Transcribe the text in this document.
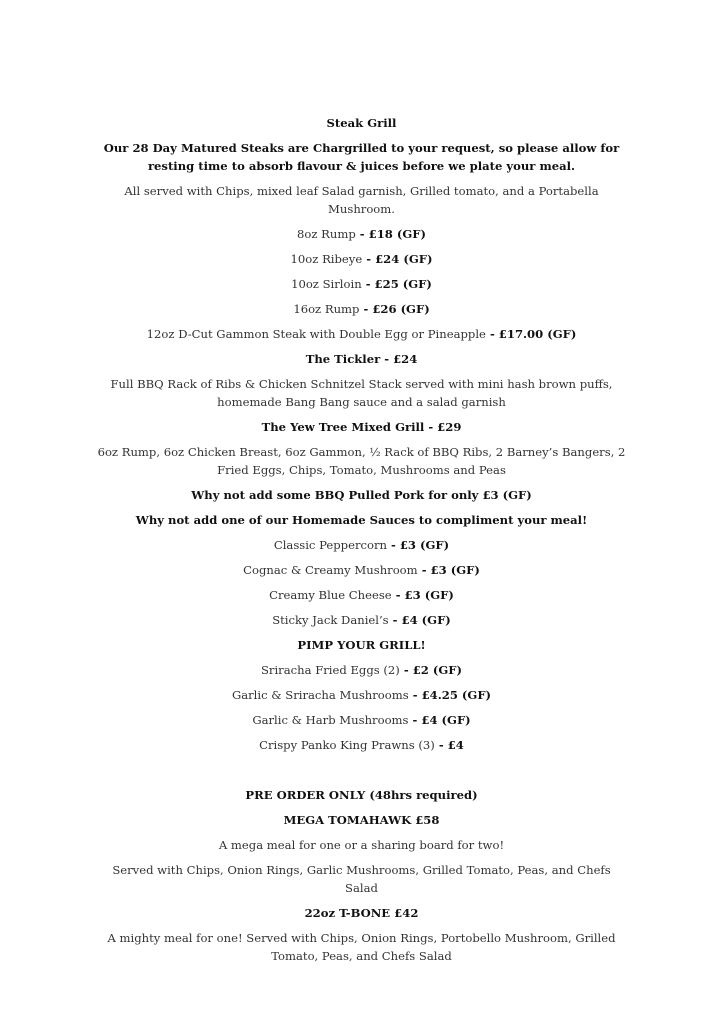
Steak Grill
Our 28 Day Matured Steaks are Chargrilled to your request, so please allow for resting time to absorb flavour & juices before we plate your meal.
All served with Chips, mixed leaf Salad garnish, Grilled tomato, and a Portabella Mushroom.
8oz Rump - £18 (GF)
10oz Ribeye - £24 (GF)
10oz Sirloin - £25 (GF)
16oz Rump - £26 (GF)
12oz D-Cut Gammon Steak with Double Egg or Pineapple - £17.00 (GF)
The Tickler - £24
Full BBQ Rack of Ribs & Chicken Schnitzel Stack served with mini hash brown puffs, homemade Bang Bang sauce and a salad garnish
The Yew Tree Mixed Grill - £29
6oz Rump, 6oz Chicken Breast, 6oz Gammon, ½ Rack of BBQ Ribs, 2 Barney’s Bangers, 2 Fried Eggs, Chips, Tomato, Mushrooms and Peas
Why not add some BBQ Pulled Pork for only £3 (GF)
Why not add one of our Homemade Sauces to compliment your meal!
Classic Peppercorn - £3 (GF)
Cognac & Creamy Mushroom - £3 (GF)
Creamy Blue Cheese - £3 (GF)
Sticky Jack Daniel’s - £4 (GF)
PIMP YOUR GRILL!
Sriracha Fried Eggs (2) - £2 (GF)
Garlic & Sriracha Mushrooms - £4.25 (GF)
Garlic & Harb Mushrooms - £4 (GF)
Crispy Panko King Prawns (3) - £4
PRE ORDER ONLY (48hrs required)
MEGA TOMAHAWK £58
A mega meal for one or a sharing board for two!
Served with Chips, Onion Rings, Garlic Mushrooms, Grilled Tomato, Peas, and Chefs Salad
22oz T-BONE £42
A mighty meal for one! Served with Chips, Onion Rings, Portobello Mushroom, Grilled Tomato, Peas, and Chefs Salad
